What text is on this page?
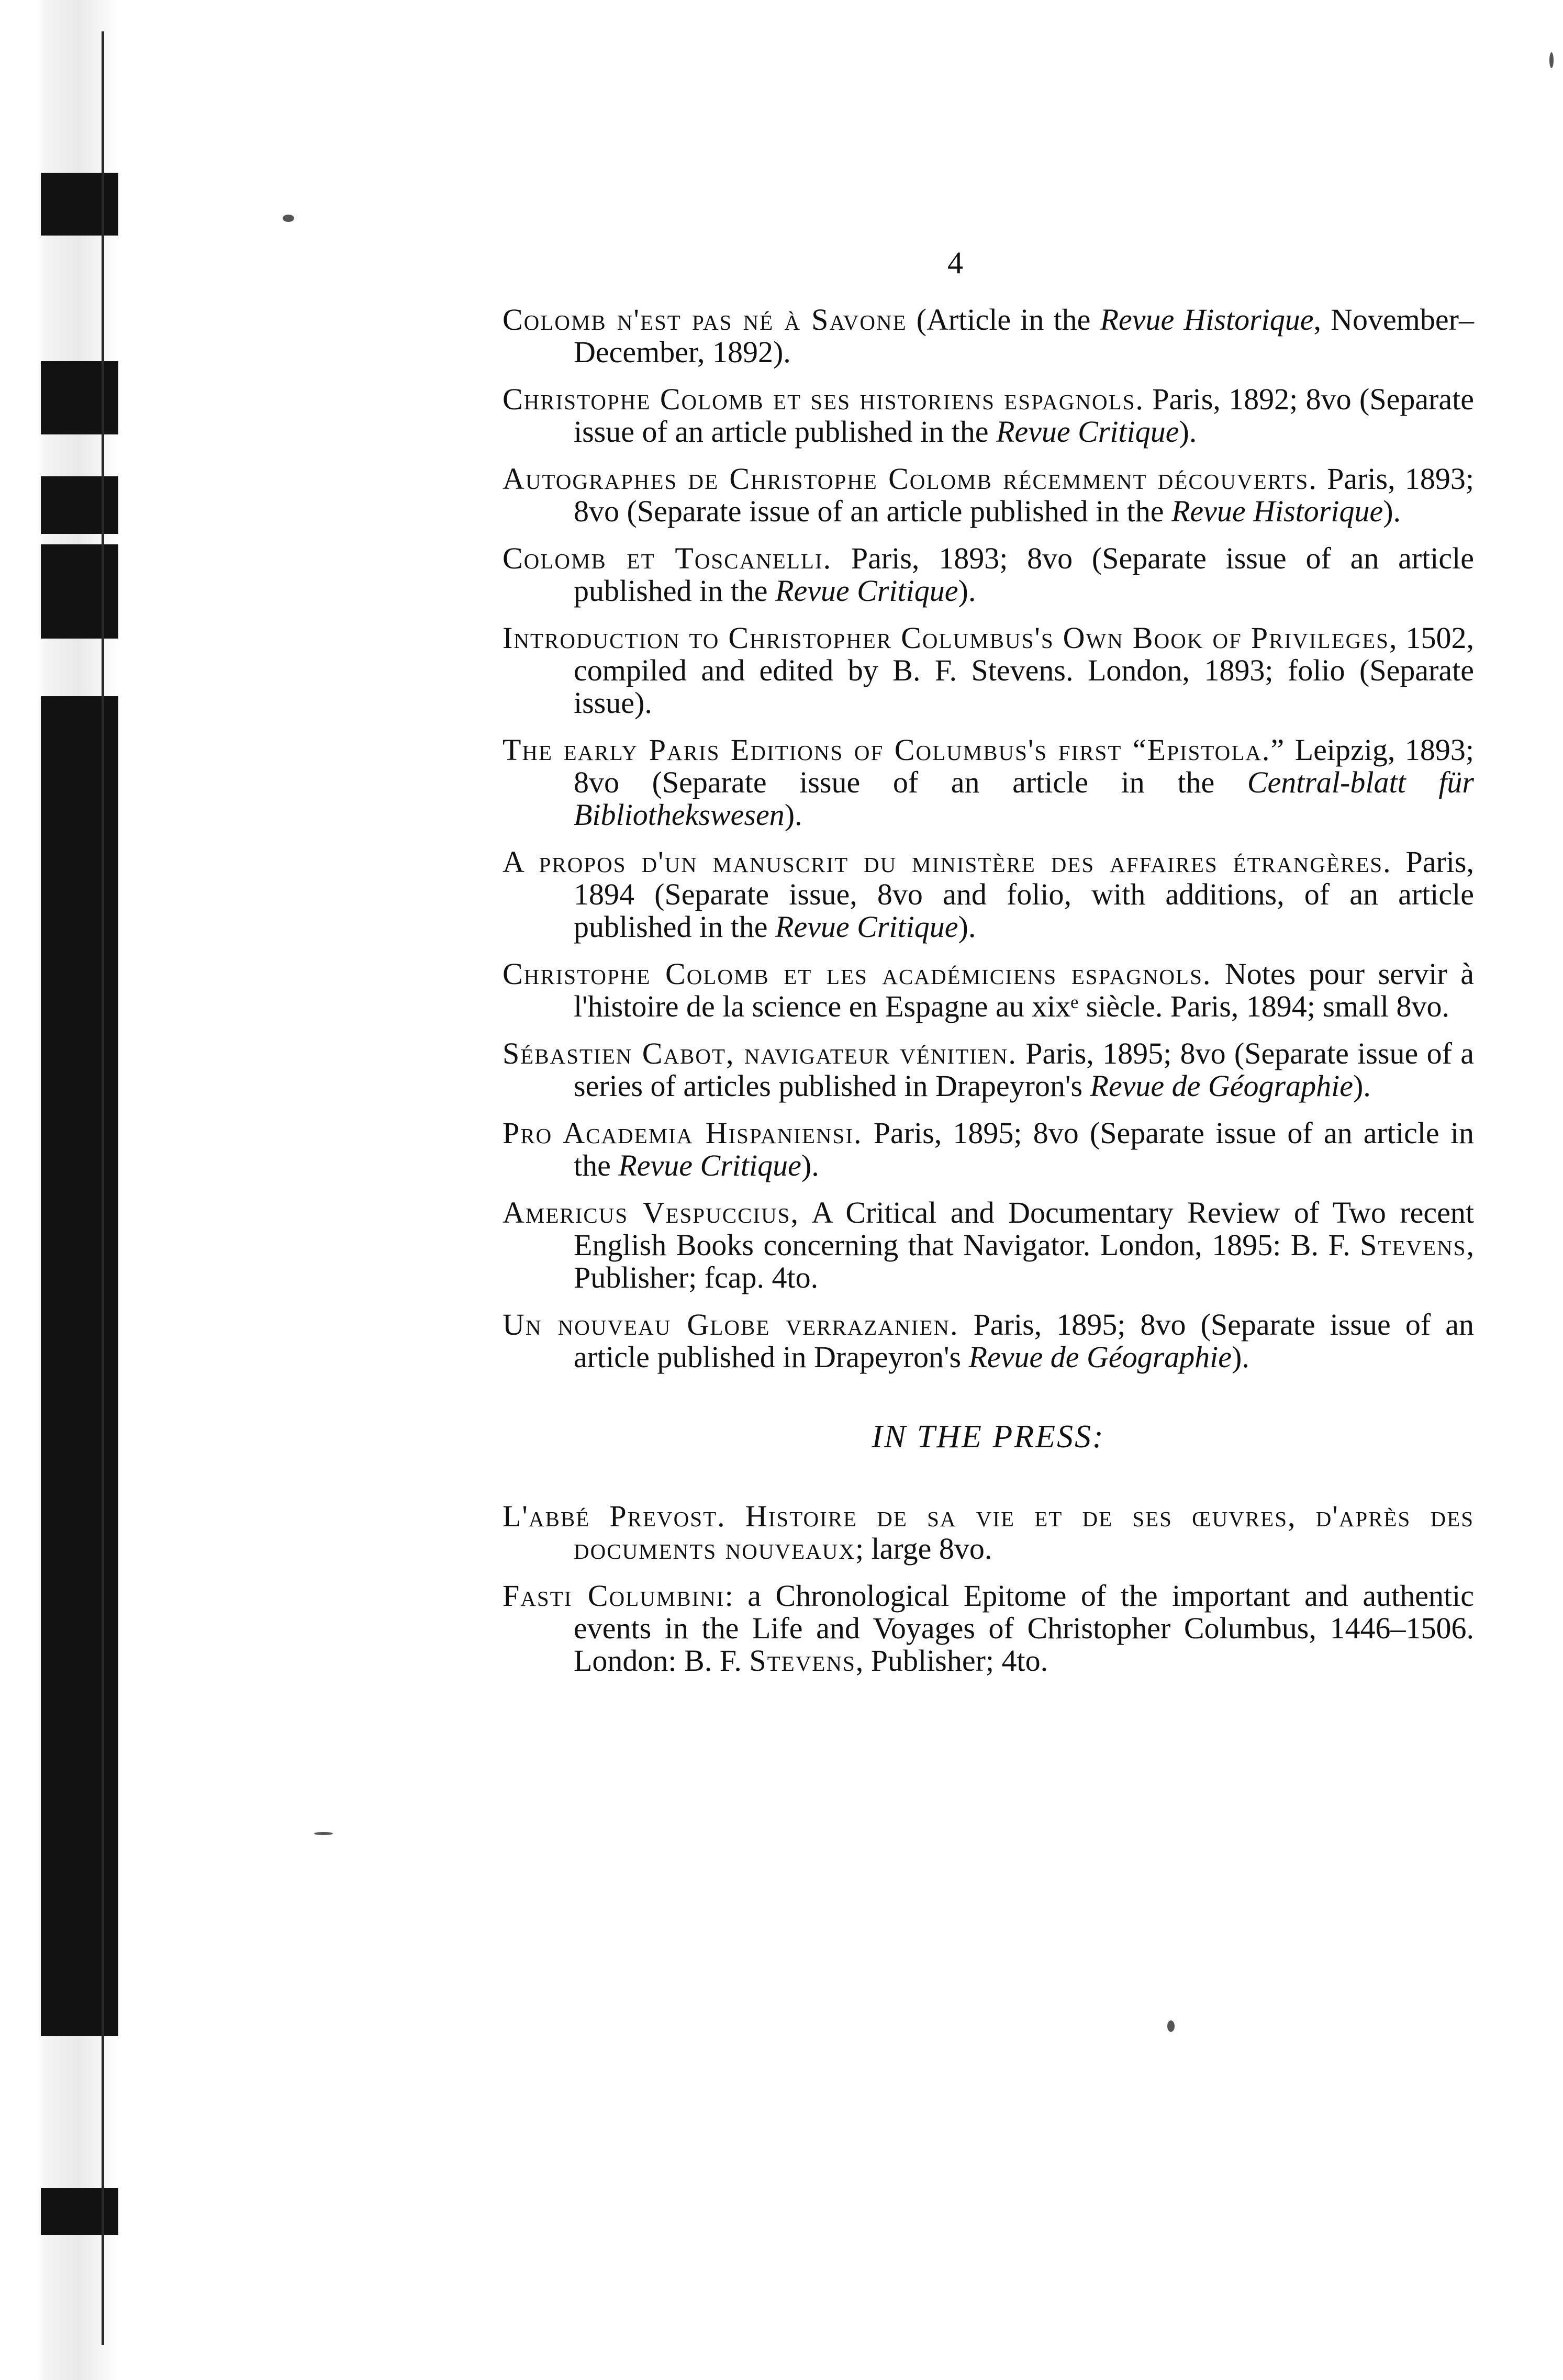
4

Colomb n'est pas né à Savone (Article in the Revue Historique, November–December, 1892).

Christophe Colomb et ses historiens espagnols. Paris, 1892; 8vo (Separate issue of an article published in the Revue Critique).

Autographes de Christophe Colomb récemment découverts. Paris, 1893; 8vo (Separate issue of an article published in the Revue Historique).

Colomb et Toscanelli. Paris, 1893; 8vo (Separate issue of an article published in the Revue Critique).

Introduction to Christopher Columbus's Own Book of Privileges, 1502, compiled and edited by B. F. Stevens. London, 1893; folio (Separate issue).

The early Paris Editions of Columbus's first “Epistola.” Leipzig, 1893; 8vo (Separate issue of an article in the Central-blatt für Bibliothekswesen).

A propos d'un manuscrit du ministère des affaires étrangères. Paris, 1894 (Separate issue, 8vo and folio, with additions, of an article published in the Revue Critique).

Christophe Colomb et les académiciens espagnols. Notes pour servir à l'histoire de la science en Espagne au xixᵉ siècle. Paris, 1894; small 8vo.

Sébastien Cabot, navigateur vénitien. Paris, 1895; 8vo (Separate issue of a series of articles published in Drapeyron's Revue de Géographie).

Pro Academia Hispaniensi. Paris, 1895; 8vo (Separate issue of an article in the Revue Critique).

Americus Vespuccius, A Critical and Documentary Review of Two recent English Books concerning that Navigator. London, 1895: B. F. Stevens, Publisher; fcap. 4to.

Un nouveau Globe verrazanien. Paris, 1895; 8vo (Separate issue of an article published in Drapeyron's Revue de Géographie).

IN THE PRESS:

L'abbé Prevost. Histoire de sa vie et de ses œuvres, d'après des documents nouveaux; large 8vo.

Fasti Columbini: a Chronological Epitome of the important and authentic events in the Life and Voyages of Christopher Columbus, 1446–1506. London: B. F. Stevens, Publisher; 4to.
